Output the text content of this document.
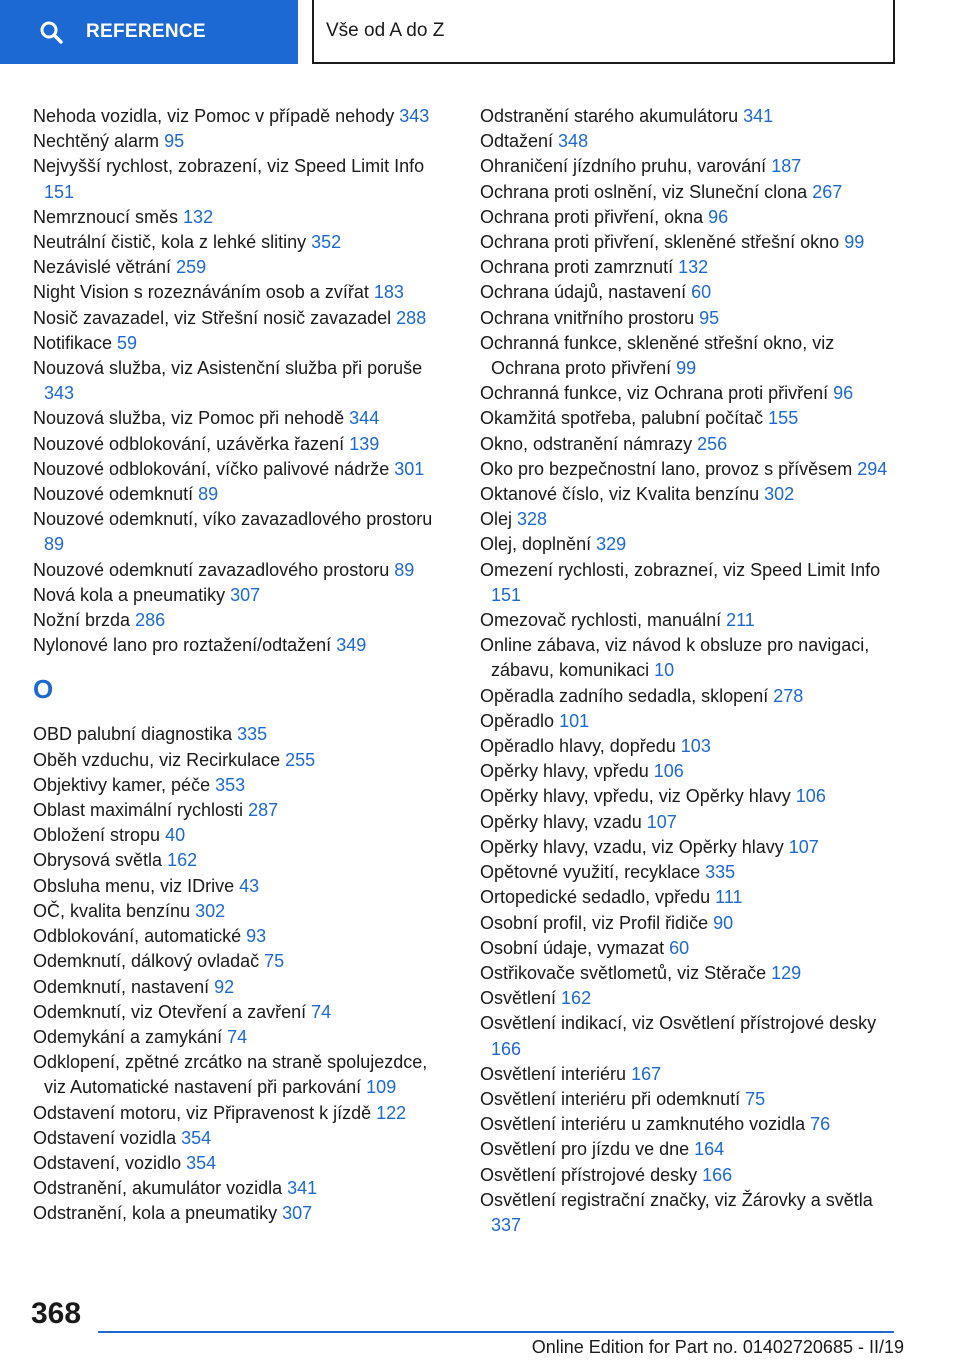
REFERENCE	Vše od A do Z

Nehoda vozidla, viz Pomoc v případě nehody 343

Nechtěný alarm 95

Nejvyšší rychlost, zobrazení, viz Speed Limit Info 151

Nemrznoucí směs 132

Neutrální čistič, kola z lehké slitiny 352

Nezávislé větrání 259

Night Vision s rozeznáváním osob a zvířat 183

Nosič zavazadel, viz Střešní nosič zavazadel 288

Notifikace 59

Nouzová služba, viz Asistenční služba při poruše 343

Nouzová služba, viz Pomoc při nehodě 344

Nouzové odblokování, uzávěrka řazení 139

Nouzové odblokování, víčko palivové nádrže 301

Nouzové odemknutí 89

Nouzové odemknutí, víko zavazadlového prostoru 89

Nouzové odemknutí zavazadlového prostoru 89

Nová kola a pneumatiky 307

Nožní brzda 286

Nylonové lano pro roztažení/odtažení 349

O

OBD palubní diagnostika 335

Oběh vzduchu, viz Recirkulace 255

Objektivy kamer, péče 353

Oblast maximální rychlosti 287

Obložení stropu 40

Obrysová světla 162

Obsluha menu, viz IDrive 43

OČ, kvalita benzínu 302

Odblokování, automatické 93

Odemknutí, dálkový ovladač 75

Odemknutí, nastavení 92

Odemknutí, viz Otevření a zavření 74

Odemykání a zamykání 74

Odklopení, zpětné zrcátko na straně spolujezdce, viz Automatické nastavení při parkování 109

Odstavení motoru, viz Připravenost k jízdě 122

Odstavení vozidla 354

Odstavení, vozidlo 354

Odstranění, akumulátor vozidla 341

Odstranění, kola a pneumatiky 307

Odstranění starého akumulátoru 341

Odtažení 348

Ohraničení jízdního pruhu, varování 187

Ochrana proti oslnění, viz Sluneční clona 267

Ochrana proti přivření, okna 96

Ochrana proti přivření, skleněné střešní okno 99

Ochrana proti zamrznutí 132

Ochrana údajů, nastavení 60

Ochrana vnitřního prostoru 95

Ochranná funkce, skleněné střešní okno, viz Ochrana proto přivření 99

Ochranná funkce, viz Ochrana proti přivření 96

Okamžitá spotřeba, palubní počítač 155

Okno, odstranění námrazy 256

Oko pro bezpečnostní lano, provoz s přívěsem 294

Oktanové číslo, viz Kvalita benzínu 302

Olej 328

Olej, doplnění 329

Omezení rychlosti, zobrazneí, viz Speed Limit Info 151

Omezovač rychlosti, manuální 211

Online zábava, viz návod k obsluze pro navigaci, zábavu, komunikaci 10

Opěradla zadního sedadla, sklopení 278

Opěradlo 101

Opěradlo hlavy, dopředu 103

Opěrky hlavy, vpředu 106

Opěrky hlavy, vpředu, viz Opěrky hlavy 106

Opěrky hlavy, vzadu 107

Opěrky hlavy, vzadu, viz Opěrky hlavy 107

Opětovné využití, recyklace 335

Ortopedické sedadlo, vpředu 111

Osobní profil, viz Profil řidiče 90

Osobní údaje, vymazat 60

Ostřikovače světlometů, viz Stěrače 129

Osvětlení 162

Osvětlení indikací, viz Osvětlení přístrojové desky 166

Osvětlení interiéru 167

Osvětlení interiéru při odemknutí 75

Osvětlení interiéru u zamknutého vozidla 76

Osvětlení pro jízdu ve dne 164

Osvětlení přístrojové desky 166

Osvětlení registrační značky, viz Žárovky a světla 337

368
Online Edition for Part no. 01402720685 - II/19
